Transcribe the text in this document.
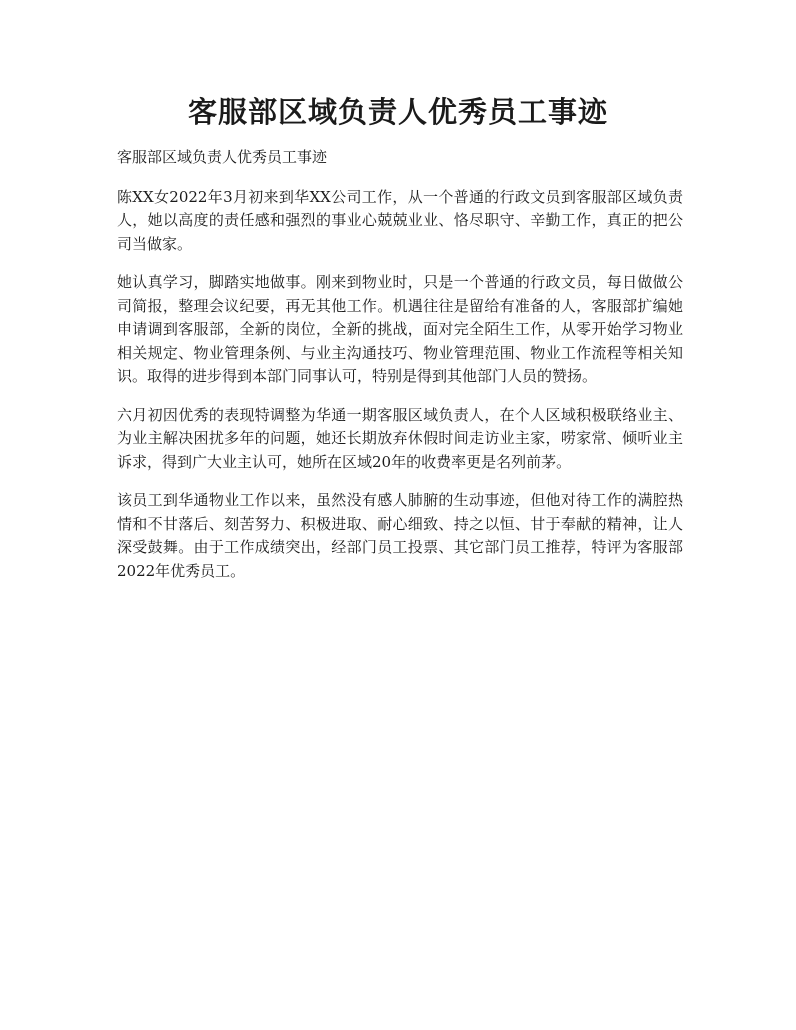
客服部区域负责人优秀员工事迹

客服部区域负责人优秀员工事迹

陈XX女2022年3月初来到华XX公司工作，从一个普通的行政文员到客服部区域负责人，她以高度的责任感和强烈的事业心兢兢业业、恪尽职守、辛勤工作，真正的把公司当做家。

她认真学习，脚踏实地做事。刚来到物业时，只是一个普通的行政文员，每日做做公司简报，整理会议纪要，再无其他工作。机遇往往是留给有准备的人，客服部扩编她申请调到客服部，全新的岗位，全新的挑战，面对完全陌生工作，从零开始学习物业相关规定、物业管理条例、与业主沟通技巧、物业管理范围、物业工作流程等相关知识。取得的进步得到本部门同事认可，特别是得到其他部门人员的赞扬。

六月初因优秀的表现特调整为华通一期客服区域负责人，在个人区域积极联络业主、为业主解决困扰多年的问题，她还长期放弃休假时间走访业主家，唠家常、倾听业主诉求，得到广大业主认可，她所在区域20年的收费率更是名列前茅。

该员工到华通物业工作以来，虽然没有感人肺腑的生动事迹，但他对待工作的满腔热情和不甘落后、刻苦努力、积极进取、耐心细致、持之以恒、甘于奉献的精神，让人深受鼓舞。由于工作成绩突出，经部门员工投票、其它部门员工推荐，特评为客服部2022年优秀员工。
